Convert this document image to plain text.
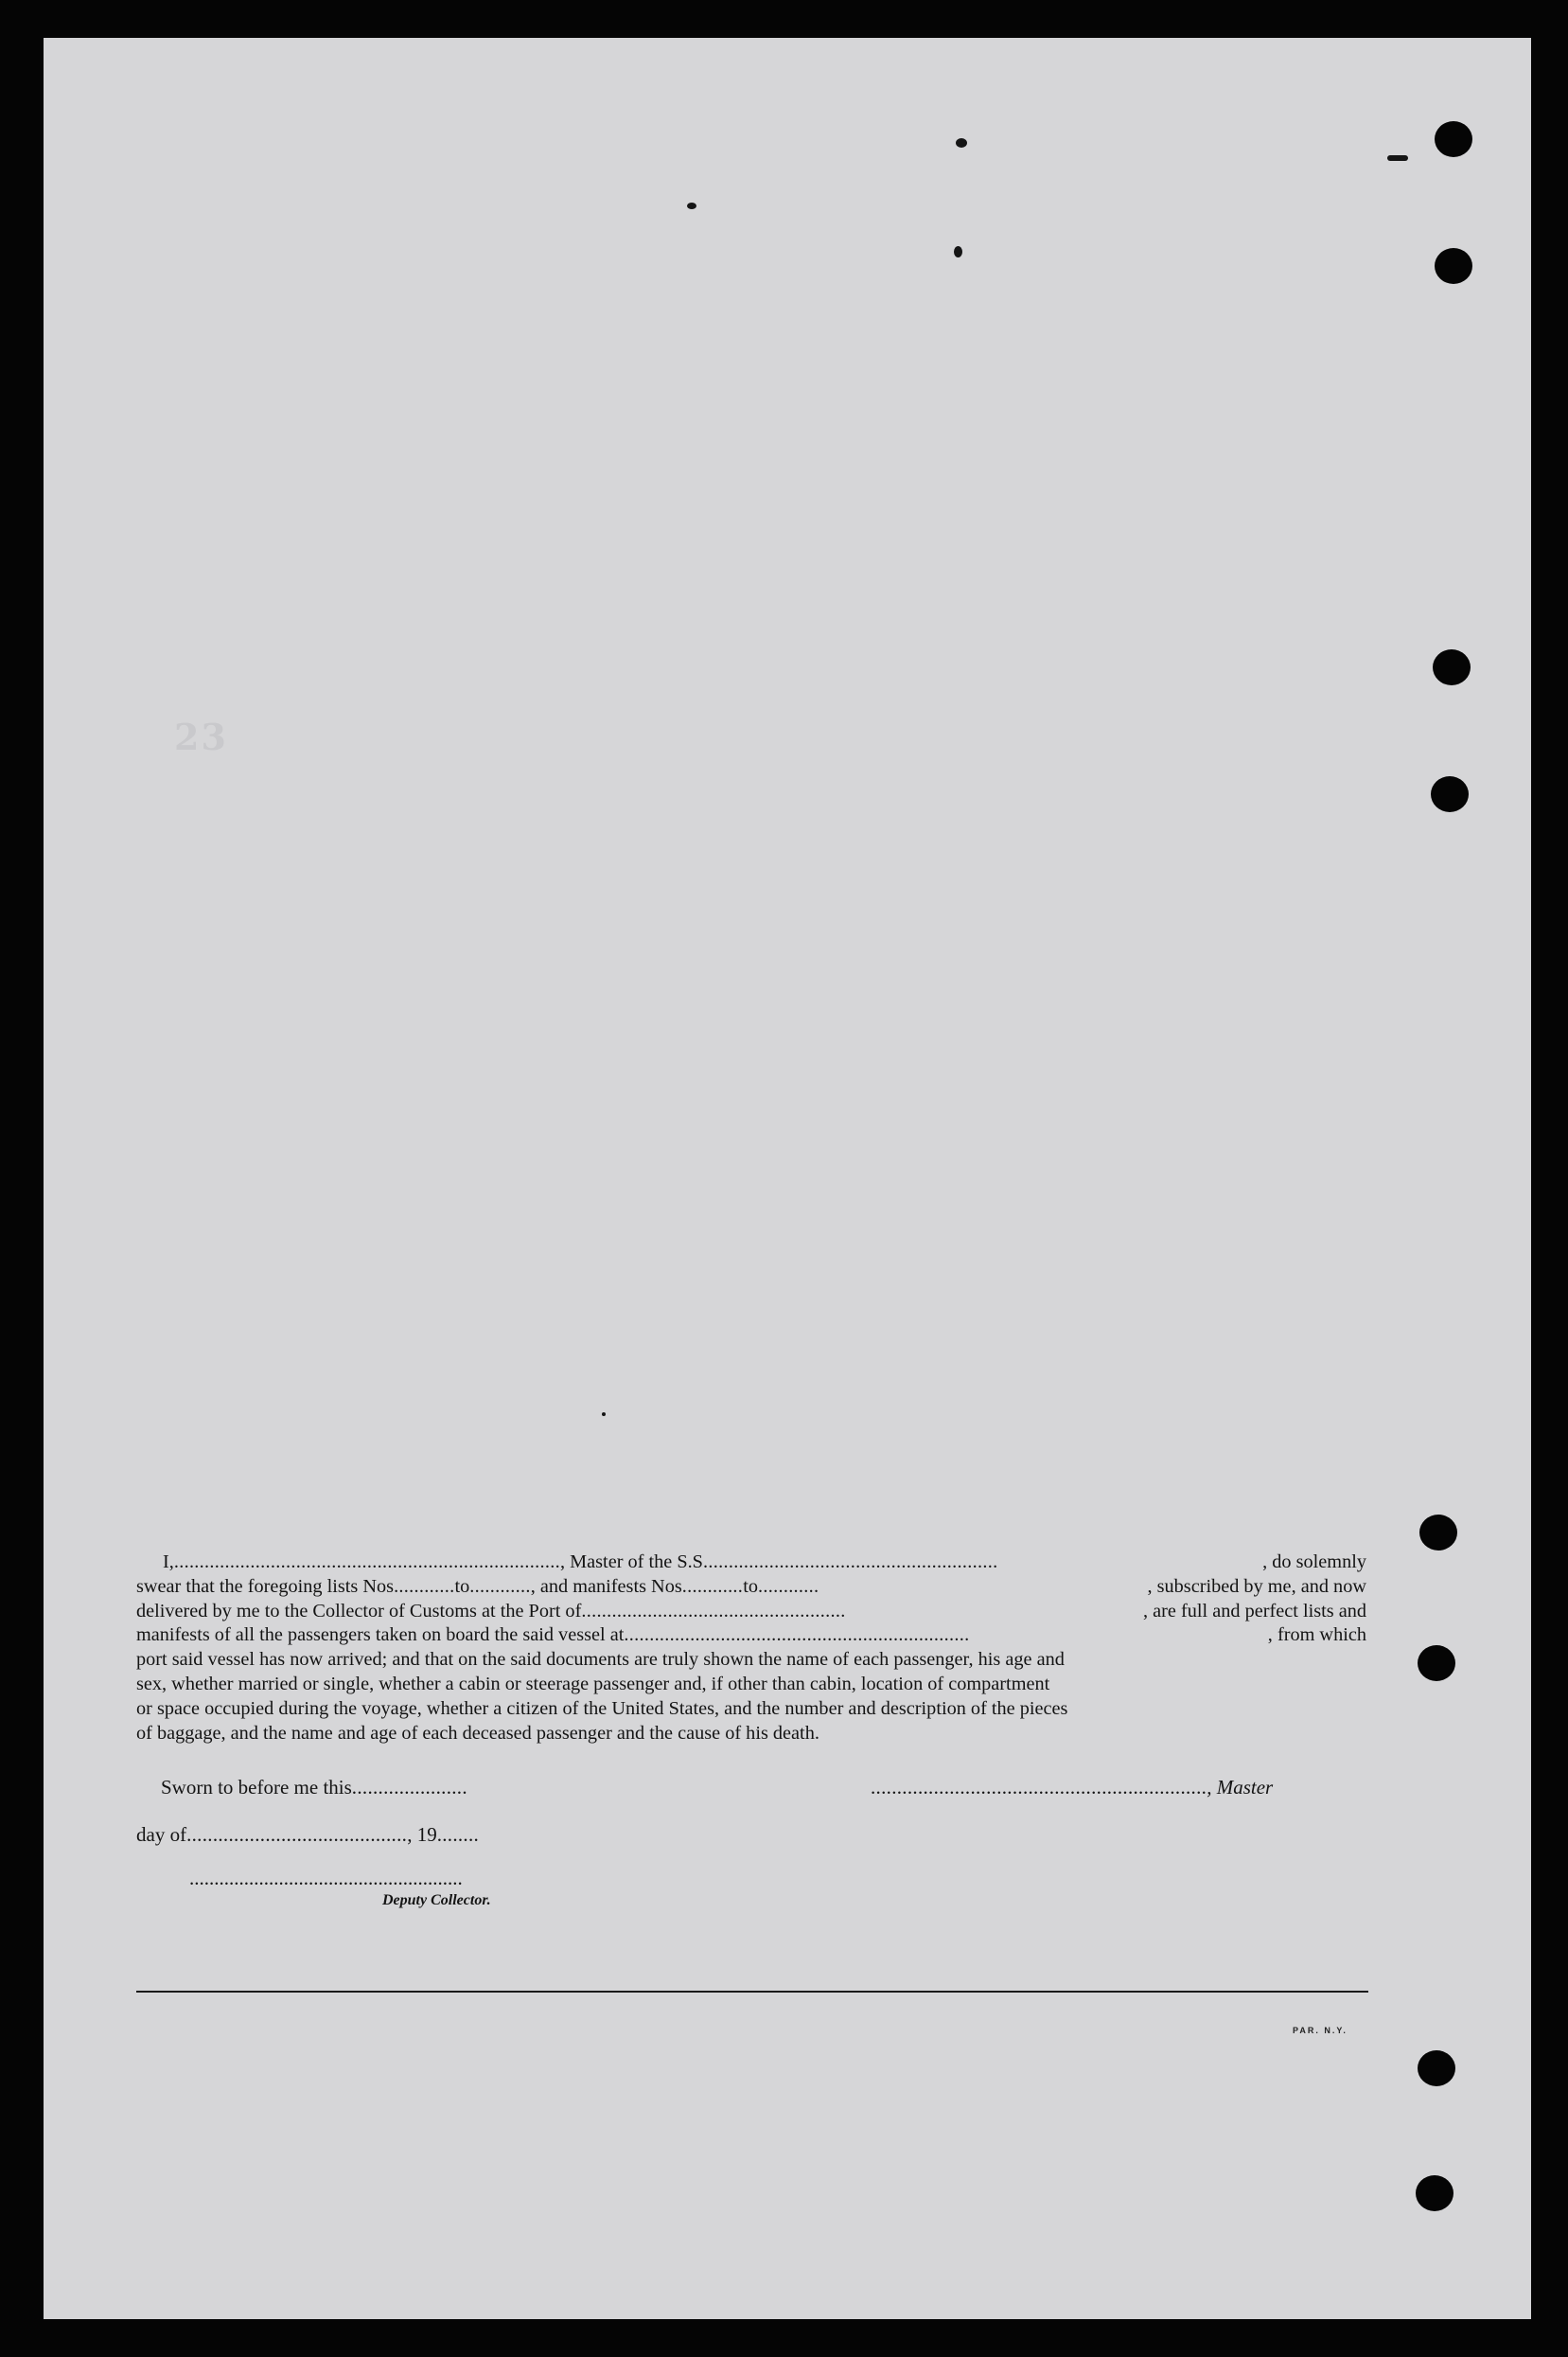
23
I,............................................................................, Master of the S.S..........................................................	, do solemnly
swear that the foregoing lists Nos............to............, and manifests Nos............to............	, subscribed by me, and now
delivered by me to the Collector of Customs at the Port of....................................................	, are full and perfect lists and
manifests of all the passengers taken on board the said vessel at....................................................................	, from which
port said vessel has now arrived; and that on the said documents are truly shown the name of each passenger, his age and
sex, whether married or single, whether a cabin or steerage passenger and, if other than cabin, location of compartment
or space occupied during the voyage, whether a citizen of the United States, and the number and description of the pieces
of baggage, and the name and age of each deceased passenger and the cause of his death.
Sworn to before me this......................	................................................................, Master
day of.........................................., 19........
.......................................................
Deputy Collector.
PAR. N.Y.
